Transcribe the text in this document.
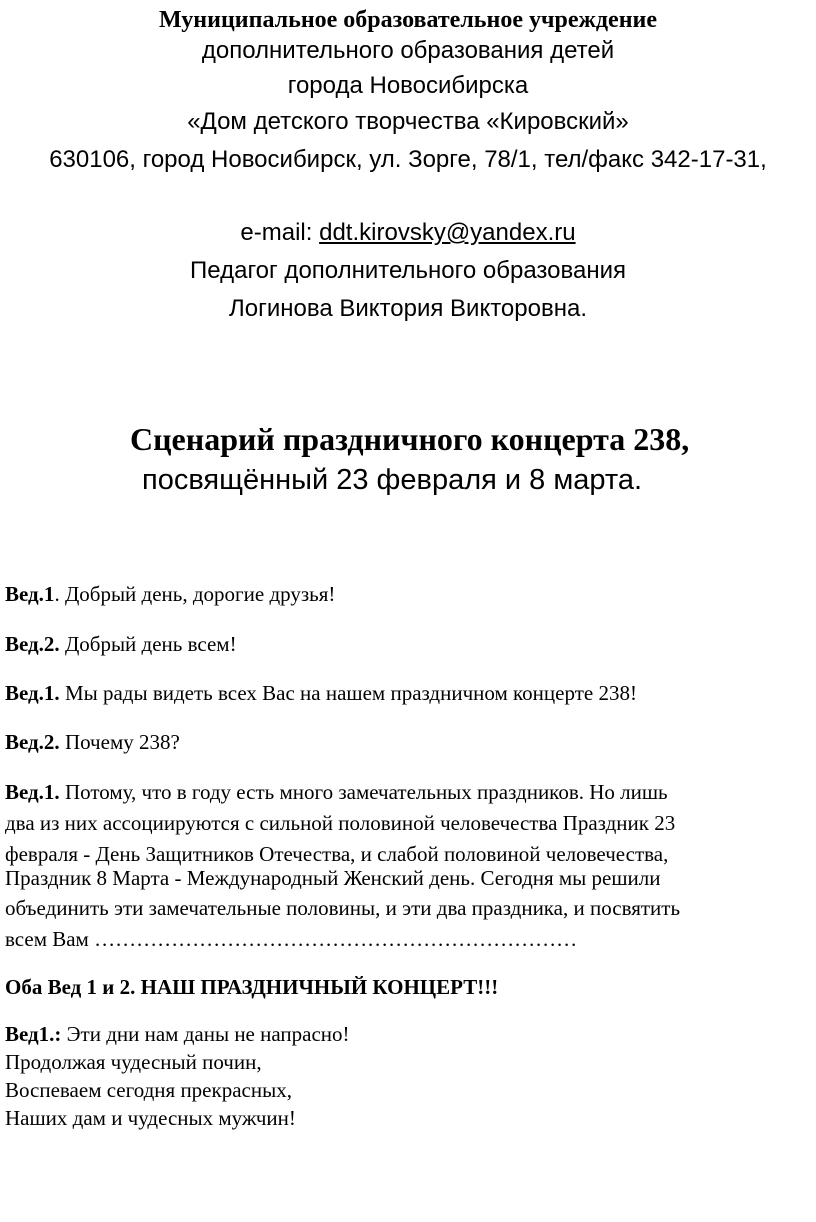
Муниципальное образовательное учреждение
дополнительного образования детей
города Новосибирска
«Дом детского творчества «Кировский»
630106, город Новосибирск, ул. Зорге, 78/1, тел/факс 342-17-31,
e-mail: ddt.kirovsky@yandex.ru
Педагог дополнительного образования
Логинова Виктория Викторовна.
Сценарий праздничного концерта 238,
посвящённый 23 февраля и 8 марта.
Вед.1. Добрый день, дорогие друзья!
Вед.2. Добрый день всем!
Вед.1. Мы рады видеть всех Вас на нашем праздничном концерте 238!
Вед.2. Почему 238?
Вед.1. Потому, что в году есть много замечательных праздников. Но лишь
два из них ассоциируются с сильной половиной человечества Праздник 23
февраля - День Защитников Отечества, и слабой половиной человечества,
Праздник 8 Марта - Международный Женский день. Сегодня мы решили
объединить эти замечательные половины, и эти два праздника, и посвятить
всем Вам ……………………………………………………………
Оба Вед 1 и 2. НАШ ПРАЗДНИЧНЫЙ КОНЦЕРТ!!!
Вед1.: Эти дни нам даны не напрасно!
Продолжая чудесный почин,
Воспеваем сегодня прекрасных,
Наших дам и чудесных мужчин!
